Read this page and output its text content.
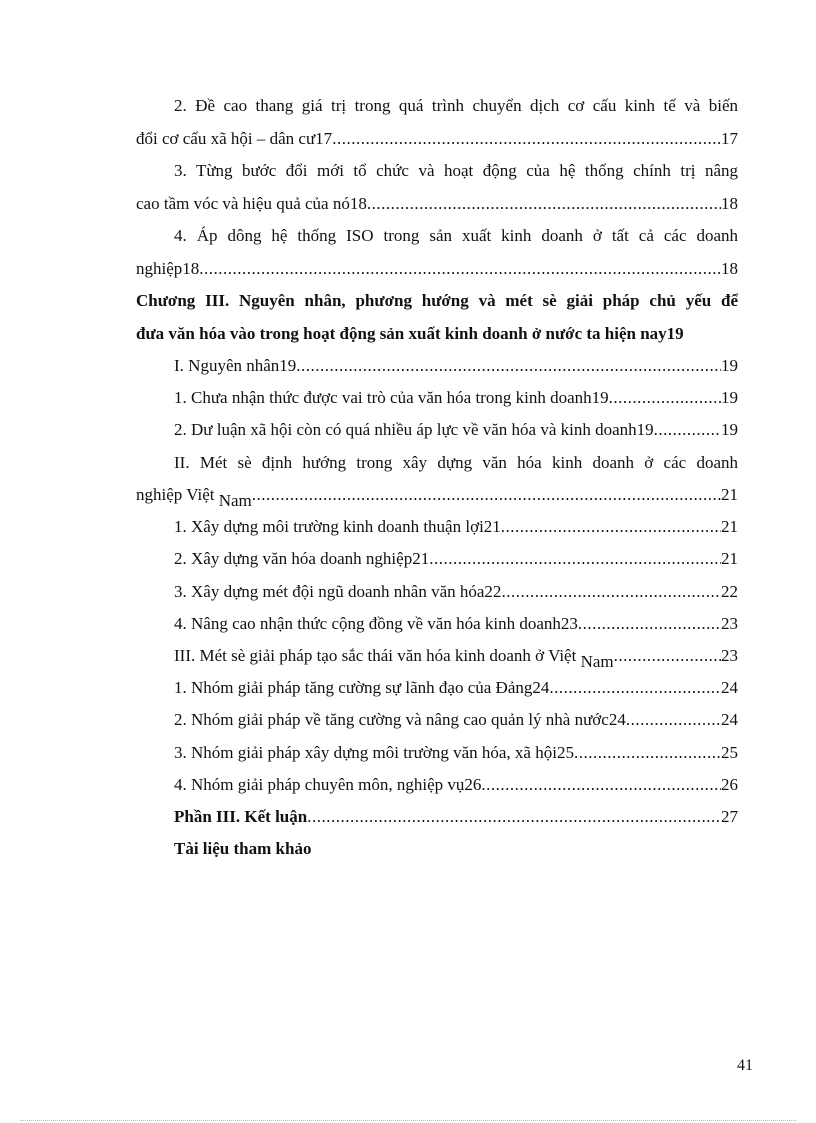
2. Đề cao thang giá trị trong quá trình chuyển dịch cơ cấu kinh tế và biến
đổi cơ cấu xã hội – dân cư17 .....	17
3. Từng bước đổi mới tổ chức và hoạt động của hệ thống chính trị nâng
cao tầm vóc và hiệu quả của nó18 .....	18
4. Áp dông hệ thống ISO trong sản xuất kinh doanh ở tất cả các doanh
nghiệp18 .....	18
Chương III. Nguyên nhân, phương hướng và mét sè giải pháp chủ yếu để
đưa văn hóa vào trong hoạt động sản xuất kinh doanh ở nước ta hiện nay19
I. Nguyên nhân19 .....	19
1. Chưa nhận thức được vai trò của văn hóa trong kinh doanh19 .....	19
2. Dư luận xã hội còn có quá nhiều áp lực về văn hóa và kinh doanh19 .....	19
II. Mét sè định hướng trong xây dựng văn hóa kinh doanh ở các doanh
nghiệp Việt Nam .....	21
1. Xây dựng môi trường kinh doanh thuận lợi21 .....	21
2. Xây dựng văn hóa doanh nghiệp21 .....	21
3. Xây dựng mét đội ngũ doanh nhân văn hóa22 .....	22
4. Nâng cao nhận thức cộng đồng về văn hóa kinh doanh23 .....	23
III. Mét sè giải pháp tạo sắc thái văn hóa kinh doanh ở Việt Nam .....	23
1. Nhóm giải pháp tăng cường sự lãnh đạo của Đảng24 .....	24
2. Nhóm giải pháp về tăng cường và nâng cao quản lý nhà nước24 .....	24
3. Nhóm giải pháp xây dựng môi trường văn hóa, xã hội25 .....	25
4. Nhóm giải pháp chuyên môn, nghiệp vụ26 .....	26
Phần III. Kết luận .....	27
Tài liệu tham khảo
41
